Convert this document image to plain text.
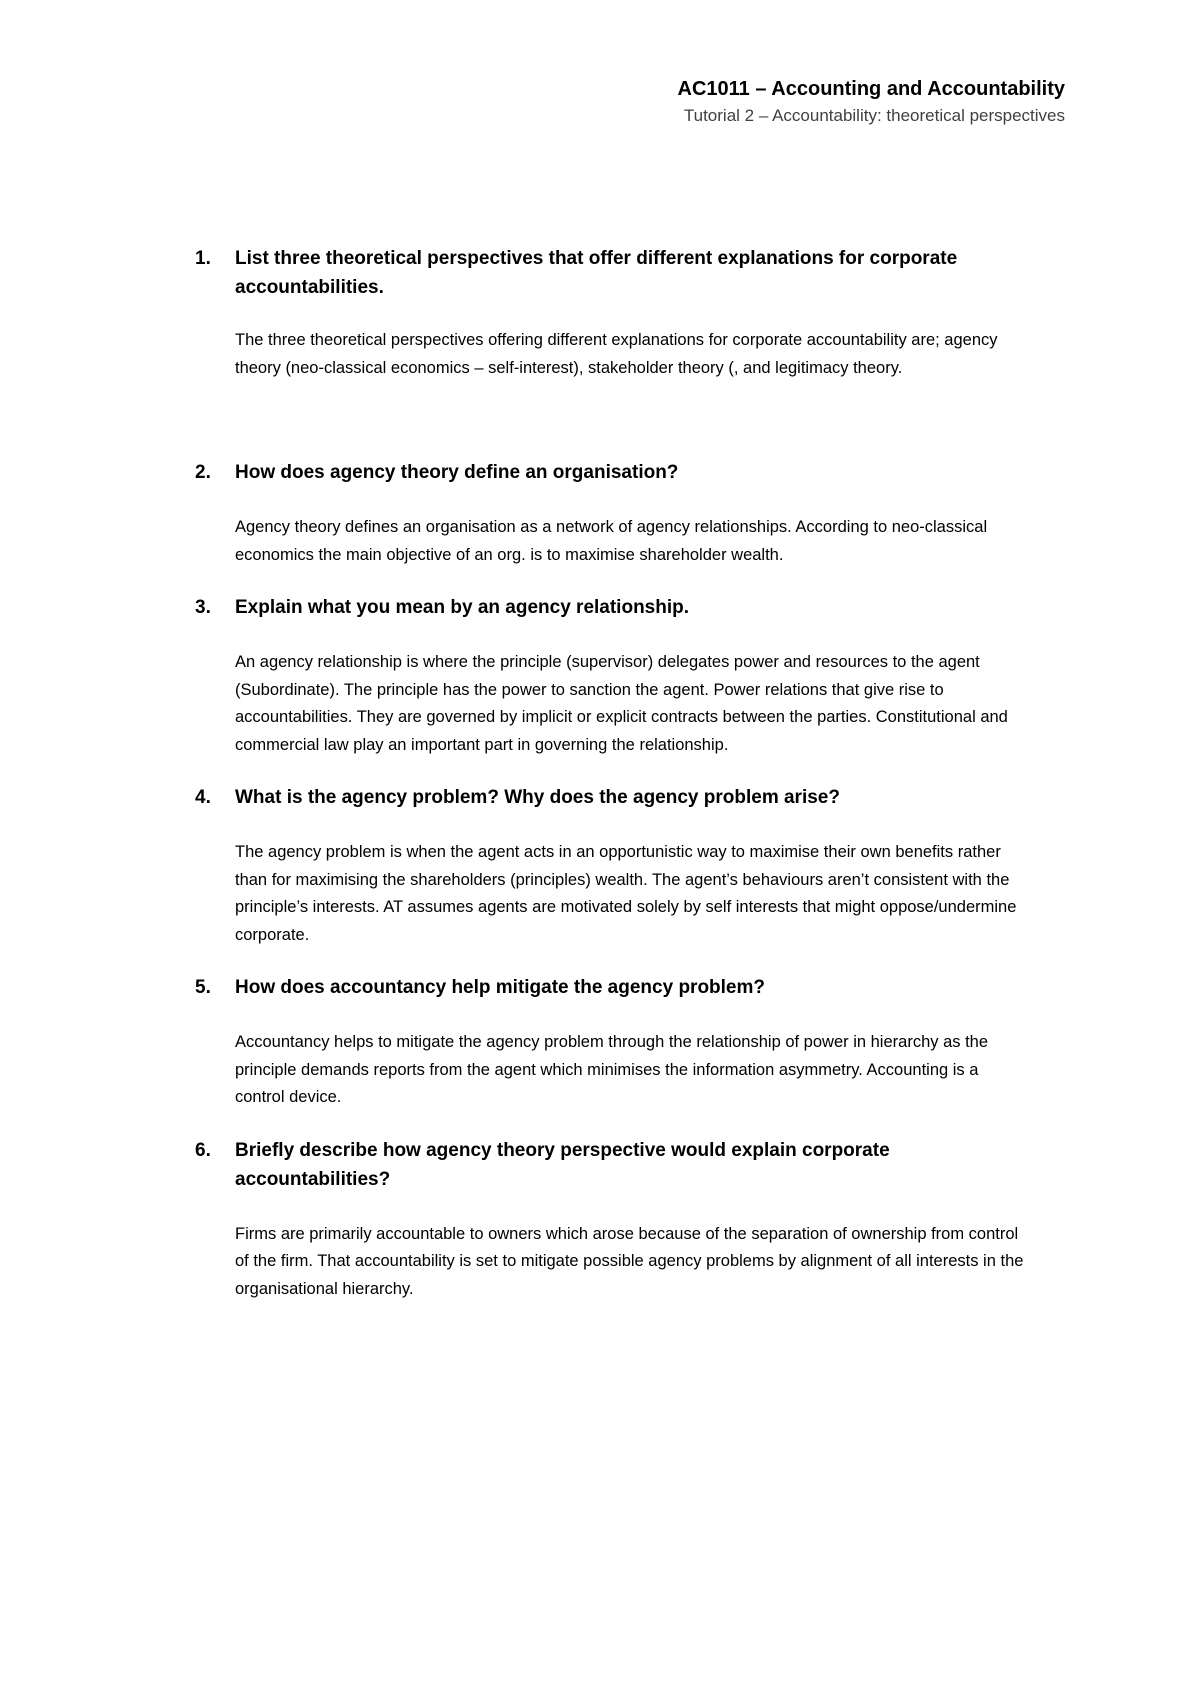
AC1011 – Accounting and Accountability
Tutorial 2 – Accountability: theoretical perspectives
1. List three theoretical perspectives that offer different explanations for corporate accountabilities.

The three theoretical perspectives offering different explanations for corporate accountability are; agency theory (neo-classical economics – self-interest), stakeholder theory (, and legitimacy theory.

2. How does agency theory define an organisation?

Agency theory defines an organisation as a network of agency relationships. According to neo-classical economics the main objective of an org. is to maximise shareholder wealth.

3. Explain what you mean by an agency relationship.

An agency relationship is where the principle (supervisor) delegates power and resources to the agent (Subordinate). The principle has the power to sanction the agent. Power relations that give rise to accountabilities. They are governed by implicit or explicit contracts between the parties. Constitutional and commercial law play an important part in governing the relationship.

4. What is the agency problem? Why does the agency problem arise?

The agency problem is when the agent acts in an opportunistic way to maximise their own benefits rather than for maximising the shareholders (principles) wealth. The agent’s behaviours aren’t consistent with the principle’s interests. AT assumes agents are motivated solely by self interests that might oppose/undermine corporate.

5. How does accountancy help mitigate the agency problem?

Accountancy helps to mitigate the agency problem through the relationship of power in hierarchy as the principle demands reports from the agent which minimises the information asymmetry. Accounting is a control device.

6. Briefly describe how agency theory perspective would explain corporate accountabilities?

Firms are primarily accountable to owners which arose because of the separation of ownership from control of the firm. That accountability is set to mitigate possible agency problems by alignment of all interests in the organisational hierarchy.
